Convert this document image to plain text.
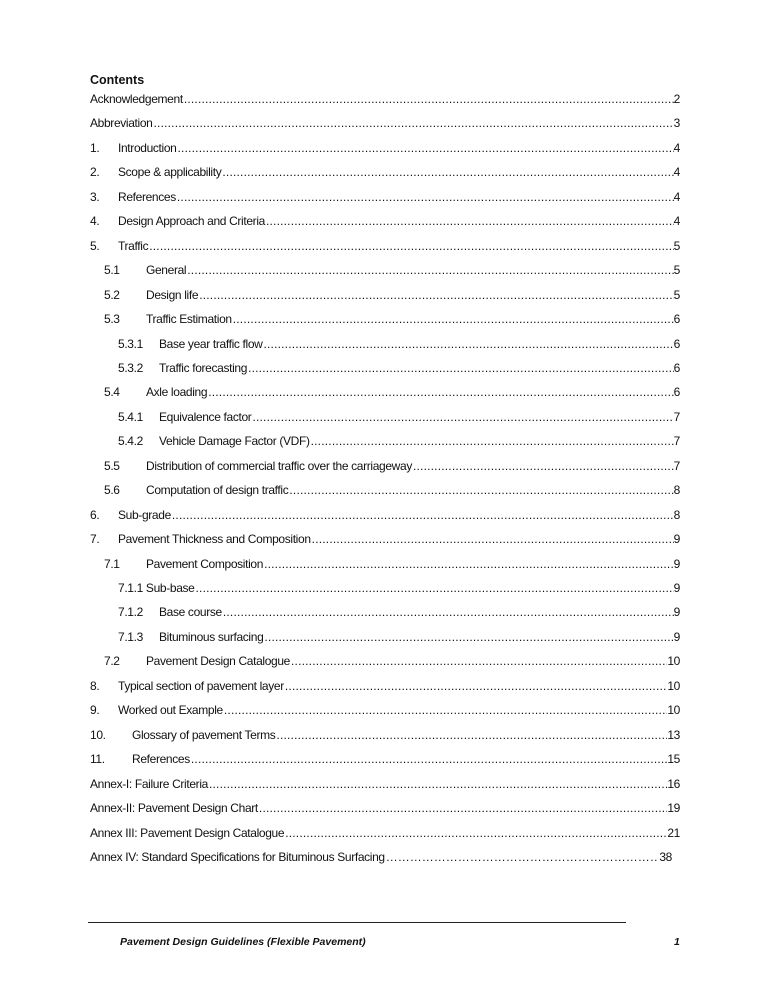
Contents
Acknowledgement .....	2
Abbreviation .....	3
1.	Introduction .....	4
2.	Scope & applicability .....	4
3.	References .....	4
4.	Design Approach and Criteria .....	4
5.	Traffic .....	5
5.1	General .....	5
5.2	Design life .....	5
5.3	Traffic Estimation .....	6
5.3.1	Base year traffic flow .....	6
5.3.2	Traffic forecasting .....	6
5.4	Axle loading .....	6
5.4.1	Equivalence factor .....	7
5.4.2	Vehicle Damage Factor (VDF) .....	7
5.5	Distribution of commercial traffic over the carriageway .....	7
5.6	Computation of design traffic .....	8
6.	Sub-grade .....	8
7.	Pavement Thickness and Composition .....	9
7.1	Pavement Composition .....	9
7.1.1 Sub-base .....	9
7.1.2	Base course .....	9
7.1.3	Bituminous surfacing .....	9
7.2	Pavement Design Catalogue .....	10
8.	Typical section of pavement layer .....	10
9.	Worked out Example .....	10
10.	Glossary of pavement Terms .....	13
11.	References .....	15
Annex-I: Failure Criteria .....	16
Annex-II: Pavement Design Chart .....	19
Annex III: Pavement Design Catalogue .....	21
Annex IV: Standard Specifications for Bituminous Surfacing ………………………………………………………………………………………………………………………………………………………………	38
Pavement Design Guidelines (Flexible Pavement)	1
